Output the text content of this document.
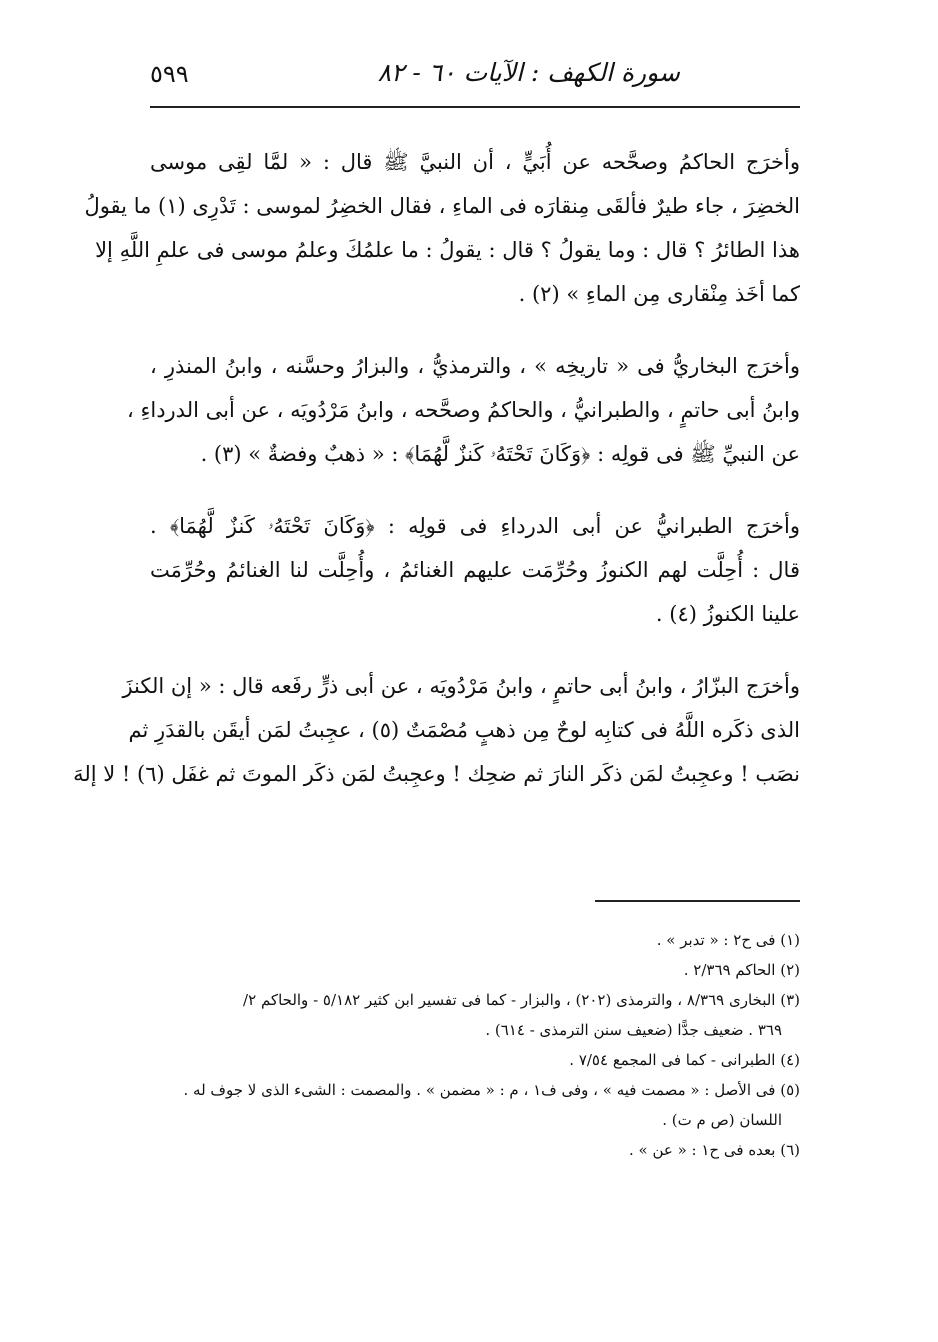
سورة الكهف : الآيات ٦٠ - ٨٢
٥٩٩
وأخرَج الحاكمُ وصحَّحه عن أُبَيٍّ ، أن النبيَّ ﷺ قال : « لمَّا لقِى موسى
الخضِرَ ، جاء طيرٌ فألقَى مِنقارَه فى الماءِ ، فقال الخضِرُ لموسى : تَدْرِى (١) ما يقولُ
هذا الطائرُ ؟ قال : وما يقولُ ؟ قال : يقولُ : ما علمُكَ وعلمُ موسى فى علمِ اللَّهِ إلا
كما أخَذ مِنْقارى مِن الماءِ » (٢) .
وأخرَج البخاريُّ فى « تاريخِه » ، والترمذيُّ ، والبزارُ وحسَّنه ، وابنُ المنذرِ ،
وابنُ أبى حاتمٍ ، والطبرانيُّ ، والحاكمُ وصحَّحه ، وابنُ مَرْدُويَه ، عن أبى الدرداءِ ،
عن النبيِّ ﷺ فى قولِه : ﴿وَكَانَ تَحْتَهُۥ كَنزٌ لَّهُمَا﴾ : « ذهبٌ وفضةٌ » (٣) .
وأخرَج الطبرانيُّ عن أبى الدرداءِ فى قولِه : ﴿وَكَانَ تَحْتَهُۥ كَنزٌ لَّهُمَا﴾ .
قال : أُحِلَّت لهم الكنوزُ وحُرِّمَت عليهم الغنائمُ ، وأُحِلَّت لنا الغنائمُ وحُرِّمَت
علينا الكنوزُ (٤) .
وأخرَج البزّارُ ، وابنُ أبى حاتمٍ ، وابنُ مَرْدُويَه ، عن أبى ذرٍّ رفَعه قال : « إن الكنزَ
الذى ذكَره اللَّهُ فى كتابِه لوحٌ مِن ذهبٍ مُصْمَتٌ (٥) ، عجِبتُ لمَن أيقَن بالقدَرِ ثم
نصَب ! وعجِبتُ لمَن ذكَر النارَ ثم ضحِك ! وعجِبتُ لمَن ذكَر الموتَ ثم غفَل (٦) ! لا إلهَ
(١) فى ح٢ : « تدبر » .
(٢) الحاكم ٢/٣٦٩ .
(٣) البخارى ٨/٣٦٩ ، والترمذى (٢٠٢) ، والبزار - كما فى تفسير ابن كثير ٥/١٨٢ - والحاكم ٢/
٣٦٩ . ضعيف جدًّا (ضعيف سنن الترمذى - ٦١٤) .
(٤) الطبرانى - كما فى المجمع ٧/٥٤ .
(٥) فى الأصل : « مصمت فيه » ، وفى ف١ ، م : « مضمن » . والمصمت : الشىء الذى لا جوف له .
اللسان (ص م ت) .
(٦) بعده فى ح١ : « عن » .
